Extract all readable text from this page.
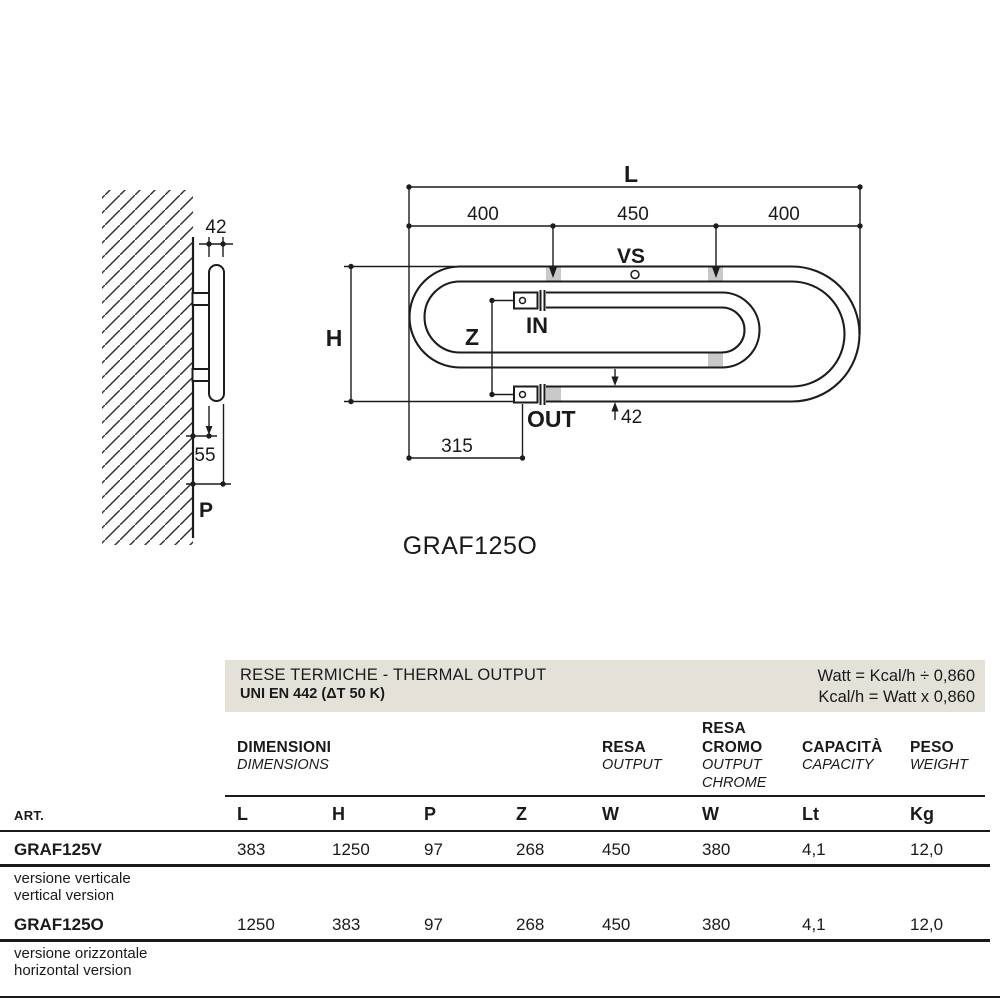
42
55
P
L
400	450	400
VS
H	Z IN
OUT 42
315
GRAF125O
RESE TERMICHE - THERMAL OUTPUT
UNI EN 442 (ΔT 50 K)
Watt = Kcal/h ÷ 0,860
Kcal/h = Watt x 0,860
DIMENSIONI
DIMENSIONS
RESA
OUTPUT
RESA
CROMO
OUTPUT
CHROME
CAPACITÀ
CAPACITY
PESO
WEIGHT
ART.	L	H	P	Z	W	W	Lt	Kg
GRAF125V	383	1250	97	268	450	380	4,1	12,0
versione verticale
vertical version
GRAF125O	1250	383	97	268	450	380	4,1	12,0
versione orizzontale
horizontal version
